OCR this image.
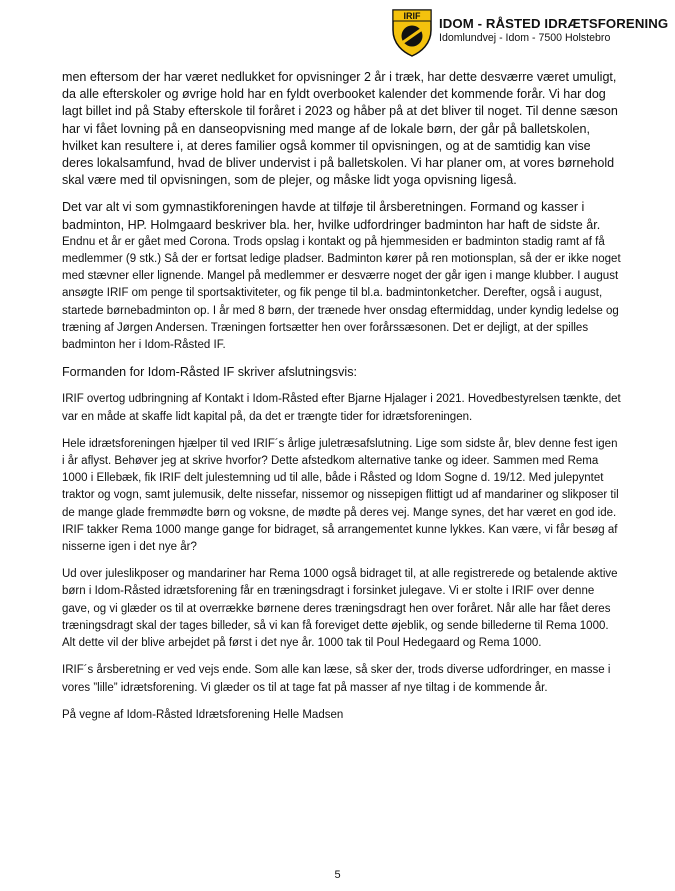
IRIF IDOM - RÅSTED IDRÆTSFORENING
Idomlundvej - Idom - 7500 Holstebro

men eftersom der har været nedlukket for opvisninger 2 år i træk, har dette desværre været umuligt, da alle efterskoler og øvrige hold har en fyldt overbooket kalender det kommende forår. Vi har dog lagt billet ind på Staby efterskole til foråret i 2023 og håber på at det bliver til noget. Til denne sæson har vi fået lovning på en danseopvisning med mange af de lokale børn, der går på balletskolen, hvilket kan resultere i, at deres familier også kommer til opvisningen, og at de samtidig kan vise deres lokalsamfund, hvad de bliver undervist i på balletskolen. Vi har planer om, at vores børnehold skal være med til opvisningen, som de plejer, og måske lidt yoga opvisning ligeså.

Det var alt vi som gymnastikforeningen havde at tilføje til årsberetningen. Formand og kasser i badminton, HP. Holmgaard beskriver bla. her, hvilke udfordringer badminton har haft de sidste år.

Endnu et år er gået med Corona. Trods opslag i kontakt og på hjemmesiden er badminton stadig ramt af få medlemmer (9 stk.) Så der er fortsat ledige pladser. Badminton kører på ren motionsplan, så der er ikke noget med stævner eller lignende. Mangel på medlemmer er desværre noget der går igen i mange klubber. I august ansøgte IRIF om penge til sportsaktiviteter, og fik penge til bl.a. badmintonketcher. Derefter, også i august, startede børnebadminton op. I år med 8 børn, der trænede hver onsdag eftermiddag, under kyndig ledelse og træning af Jørgen Andersen. Træningen fortsætter hen over forårssæsonen. Det er dejligt, at der spilles badminton her i Idom-Råsted IF.

Formanden for Idom-Råsted IF skriver afslutningsvis:

IRIF overtog udbringning af Kontakt i Idom-Råsted efter Bjarne Hjalager i 2021. Hovedbestyrelsen tænkte, det var en måde at skaffe lidt kapital på, da det er trængte tider for idrætsforeningen.

Hele idrætsforeningen hjælper til ved IRIF´s årlige juletræsafslutning. Lige som sidste år, blev denne fest igen i år aflyst. Behøver jeg at skrive hvorfor? Dette afstedkom alternative tanke og ideer. Sammen med Rema 1000 i Ellebæk, fik IRIF delt julestemning ud til alle, både i Råsted og Idom Sogne d. 19/12. Med julepyntet traktor og vogn, samt julemusik, delte nissefar, nissemor og nissepigen flittigt ud af mandariner og slikposer til de mange glade fremmødte børn og voksne, de mødte på deres vej. Mange synes, det har været en god ide. IRIF takker Rema 1000 mange gange for bidraget, så arrangementet kunne lykkes. Kan være, vi får besøg af nisserne igen i det nye år?

Ud over juleslikposer og mandariner har Rema 1000 også bidraget til, at alle registrerede og betalende aktive børn i Idom-Råsted idrætsforening får en træningsdragt i forsinket julegave. Vi er stolte i IRIF over denne gave, og vi glæder os til at overrække børnene deres træningsdragt hen over foråret. Når alle har fået deres træningsdragt skal der tages billeder, så vi kan få foreviget dette øjeblik, og sende billederne til Rema 1000. Alt dette vil der blive arbejdet på først i det nye år. 1000 tak til Poul Hedegaard og Rema 1000.

IRIF´s årsberetning er ved vejs ende. Som alle kan læse, så sker der, trods diverse udfordringer, en masse i vores ”lille” idrætsforening. Vi glæder os til at tage fat på masser af nye tiltag i de kommende år.

På vegne af Idom-Råsted Idrætsforening Helle Madsen

5
